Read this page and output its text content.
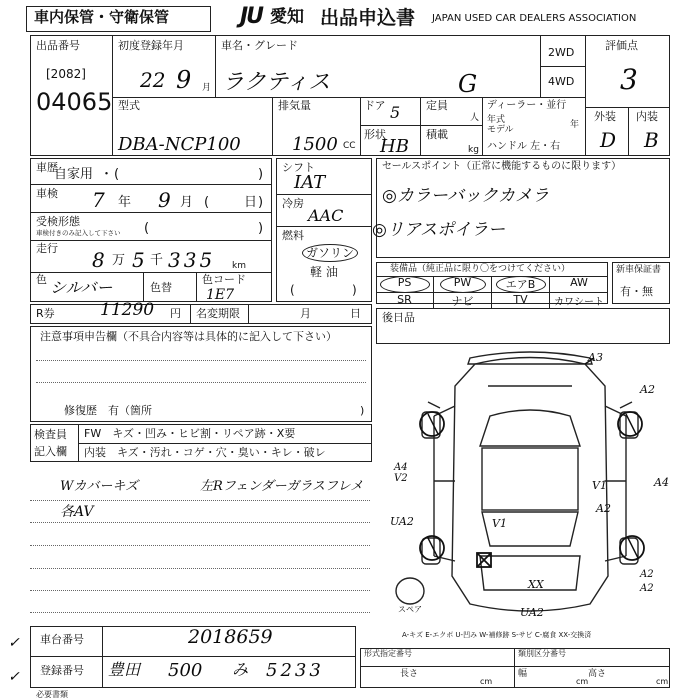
車内保管・守衛保管	JU 愛知 出品申込書 JAPAN USED CAR DEALERS ASSOCIATION
出品番号
[2082]
04065
初度登録年月
22 9 月
車名・グレード
ラクティス	G
2WD
4WD
評価点
3
型式
DBA-NCP100
排気量
1500 CC
ドア 5
形状
HB
定員
人
積載
kg
ディーラー・並行
年式
モデル	年
ハンドル 左・右
外装 内装
D B
車歴
自家用 ・ (	)
車検 7 年 9 月 (	日 )
受検形態
車検付きのみ記入して下さい (	)
走行 8 万 5 千 335 km
色 シルバー	色替
色コード
1E7
シフト
IAT
冷房
AAC
燃料
ガソリン
軽 油
(	)
セールスポイント（正常に機能するものに限ります）
◎カラーバックカメラ
◎リアスポイラー
装備品（純正品に限り〇をつけてください）
PS	PW	エアB	AW
SR	ナビ	TV	カワシート
新車保証書
有・無
R券	11290 円 名変期限	月	日 後日品
注意事項申告欄（不具合内容等は具体的に記入して下さい）
修復歴　有（箇所	)
検査員
記入欄
FW　キズ・凹み・ヒビ割・リペア跡・X要
内装　キズ・汚れ・コゲ・穴・臭い・キレ・破レ
Wカバーキズ	左Rフェンダーガラスフレメ
各AV
A3
A2
A4
V1
A2
A4
V2
UA2	V1
A2
A2
XX
UA2
スペア
A-キズ E-エクボ U-凹み W-補修跡 S-サビ C-腐食 XX-交換済
車台番号	2018659
登録番号 豊田 500 み 5233
✓
✓
形式指定番号	類別区分番号
長さ
cm
幅
cm
高さ
cm
必要書類
